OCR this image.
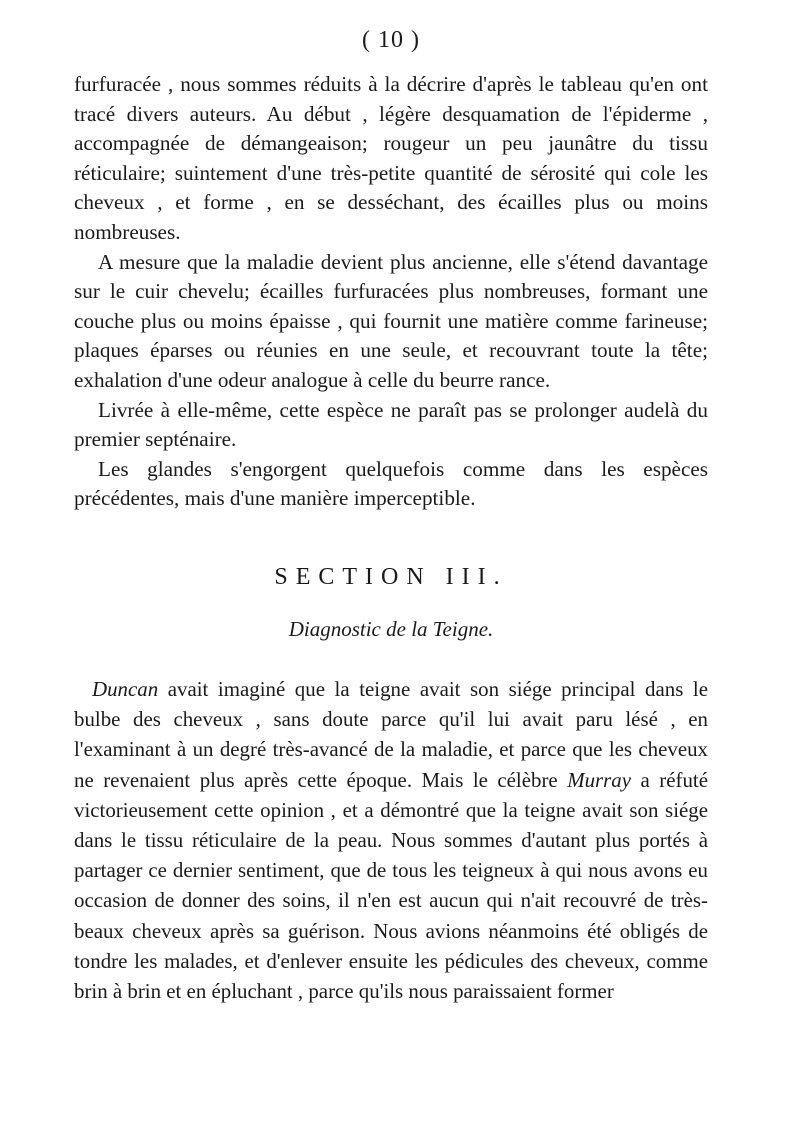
( 10 )

furfuracée , nous sommes réduits à la décrire d'après le tableau qu'en ont tracé divers auteurs. Au début , légère desquamation de l'épiderme , accompagnée de démangeaison; rougeur un peu jaunâtre du tissu réticulaire; suintement d'une très-petite quantité de sérosité qui cole les cheveux , et forme , en se desséchant, des écailles plus ou moins nombreuses.

A mesure que la maladie devient plus ancienne, elle s'étend davantage sur le cuir chevelu; écailles furfuracées plus nombreuses, formant une couche plus ou moins épaisse , qui fournit une matière comme farineuse; plaques éparses ou réunies en une seule, et recouvrant toute la tête; exhalation d'une odeur analogue à celle du beurre rance.

Livrée à elle-même, cette espèce ne paraît pas se prolonger audelà du premier septénaire.

Les glandes s'engorgent quelquefois comme dans les espèces précédentes, mais d'une manière imperceptible.

SECTION III.
Diagnostic de la Teigne.

Duncan avait imaginé que la teigne avait son siége principal dans le bulbe des cheveux , sans doute parce qu'il lui avait paru lésé , en l'examinant à un degré très-avancé de la maladie, et parce que les cheveux ne revenaient plus après cette époque. Mais le célèbre Murray a réfuté victorieusement cette opinion , et a démontré que la teigne avait son siége dans le tissu réticulaire de la peau. Nous sommes d'autant plus portés à partager ce dernier sentiment, que de tous les teigneux à qui nous avons eu occasion de donner des soins, il n'en est aucun qui n'ait recouvré de très-beaux cheveux après sa guérison. Nous avions néanmoins été obligés de tondre les malades, et d'enlever ensuite les pédicules des cheveux, comme brin à brin et en épluchant , parce qu'ils nous paraissaient former
